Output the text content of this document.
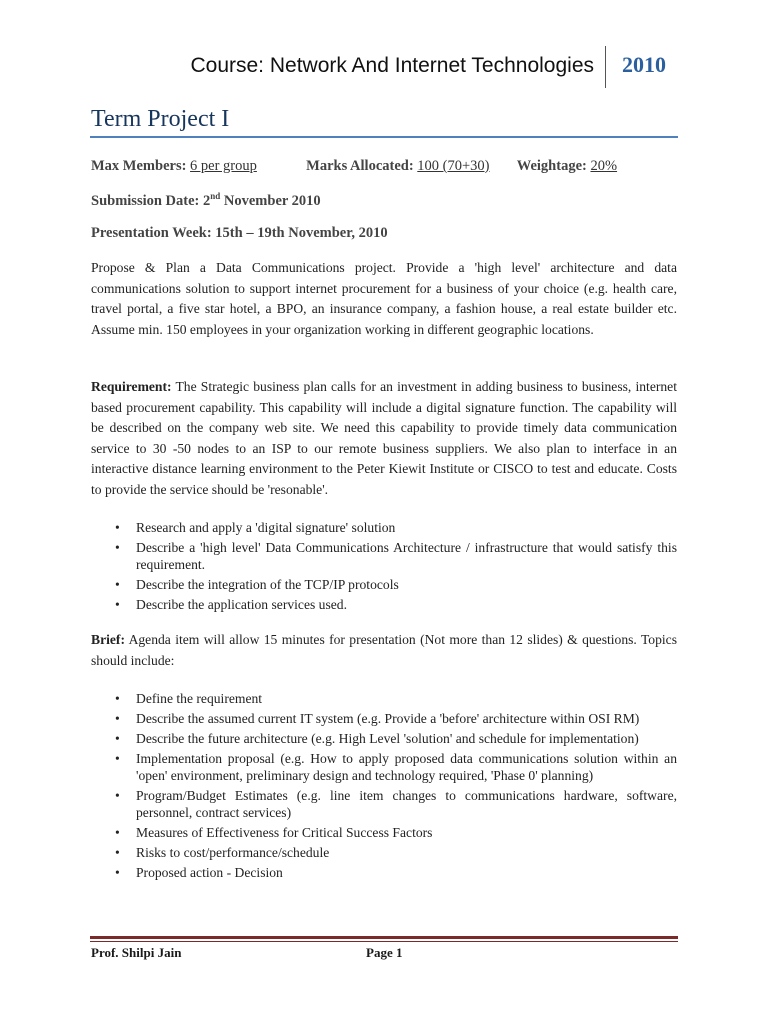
Course: Network And Internet Technologies 2010
Term Project I
Max Members: 6 per group	Marks Allocated: 100 (70+30) Weightage: 20%
Submission Date: 2nd November 2010
Presentation Week: 15th – 19th November, 2010
Propose & Plan a Data Communications project. Provide a 'high level' architecture and data communications solution to support internet procurement for a business of your choice (e.g. health care, travel portal, a five star hotel, a BPO, an insurance company, a fashion house, a real estate builder etc. Assume min. 150 employees in your organization working in different geographic locations.
Requirement: The Strategic business plan calls for an investment in adding business to business, internet based procurement capability. This capability will include a digital signature function. The capability will be described on the company web site. We need this capability to provide timely data communication service to 30 -50 nodes to an ISP to our remote business suppliers. We also plan to interface in an interactive distance learning environment to the Peter Kiewit Institute or CISCO to test and educate. Costs to provide the service should be 'resonable'.
• Research and apply a 'digital signature' solution
• Describe a 'high level' Data Communications Architecture / infrastructure that would satisfy this requirement.
• Describe the integration of the TCP/IP protocols
• Describe the application services used.
Brief: Agenda item will allow 15 minutes for presentation (Not more than 12 slides) & questions. Topics should include:
• Define the requirement
• Describe the assumed current IT system (e.g. Provide a 'before' architecture within OSI RM)
• Describe the future architecture (e.g. High Level 'solution' and schedule for implementation)
• Implementation proposal (e.g. How to apply proposed data communications solution within an 'open' environment, preliminary design and technology required, 'Phase 0' planning)
• Program/Budget Estimates (e.g. line item changes to communications hardware, software, personnel, contract services)
• Measures of Effectiveness for Critical Success Factors
• Risks to cost/performance/schedule
• Proposed action - Decision
Prof. Shilpi Jain	Page 1
